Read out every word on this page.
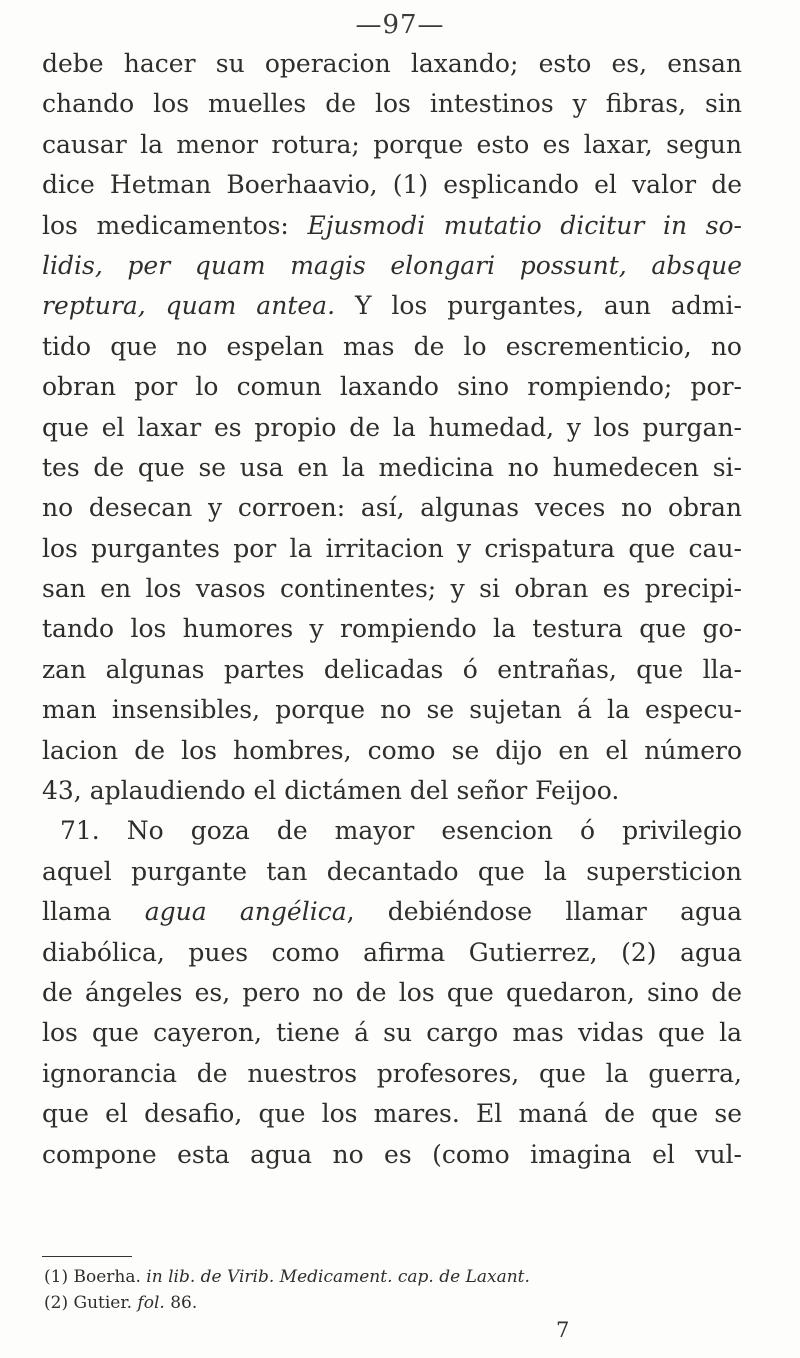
—97—
debe hacer su operacion laxando; esto es, ensan
chando los muelles de los intestinos y fibras, sin
causar la menor rotura; porque esto es laxar, segun
dice Hetman Boerhaavio, (1) esplicando el valor de
los medicamentos: Ejusmodi mutatio dicitur in so-
lidis, per quam magis elongari possunt, absque
reptura, quam antea. Y los purgantes, aun admi-
tido que no espelan mas de lo escrementicio, no
obran por lo comun laxando sino rompiendo; por-
que el laxar es propio de la humedad, y los purgan-
tes de que se usa en la medicina no humedecen si-
no desecan y corroen: así, algunas veces no obran
los purgantes por la irritacion y crispatura que cau-
san en los vasos continentes; y si obran es precipi-
tando los humores y rompiendo la testura que go-
zan algunas partes delicadas ó entrañas, que lla-
man insensibles, porque no se sujetan á la especu-
lacion de los hombres, como se dijo en el número
43, aplaudiendo el dictámen del señor Feijoo.
71. No goza de mayor esencion ó privilegio
aquel purgante tan decantado que la supersticion
llama agua angélica, debiéndose llamar agua
diabólica, pues como afirma Gutierrez, (2) agua
de ángeles es, pero no de los que quedaron, sino de
los que cayeron, tiene á su cargo mas vidas que la
ignorancia de nuestros profesores, que la guerra,
que el desafio, que los mares. El maná de que se
compone esta agua no es (como imagina el vul-
(1) Boerha. in lib. de Virib. Medicament. cap. de Laxant.
(2) Gutier. fol. 86.
7
